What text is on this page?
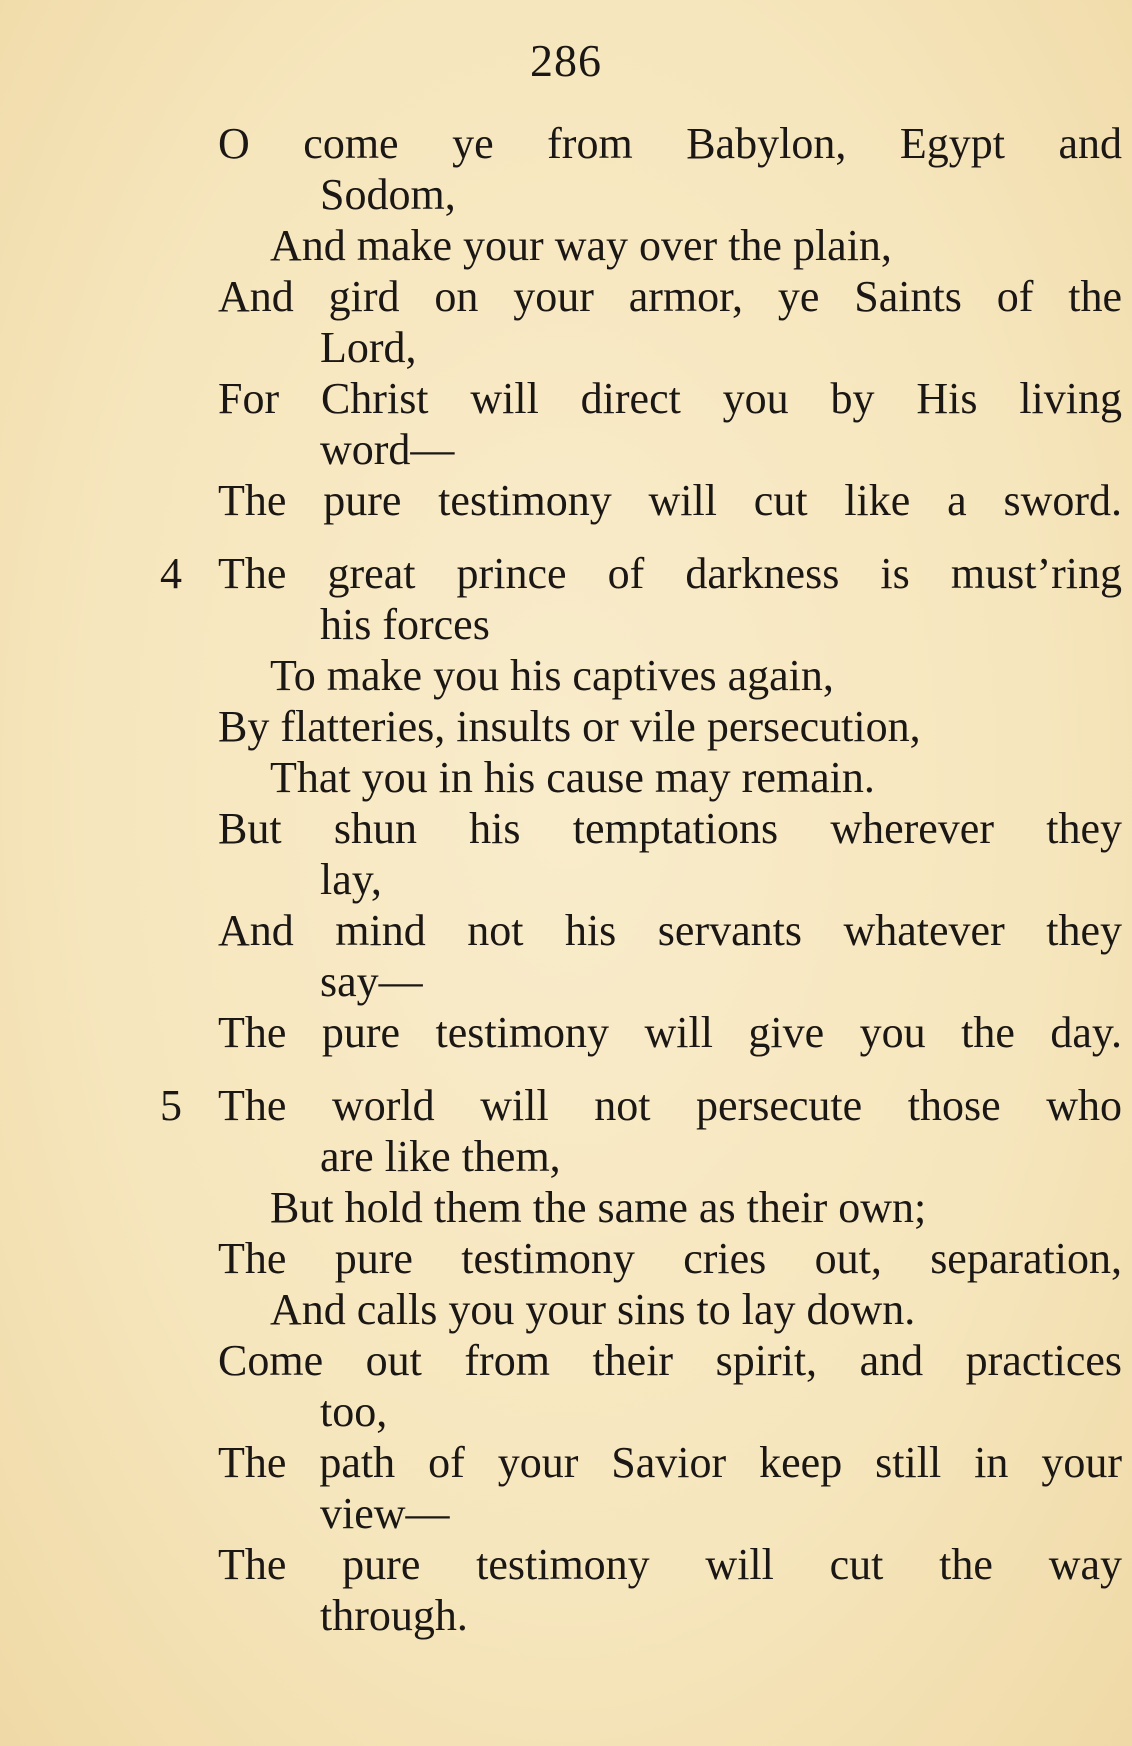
286
O come ye from Babylon, Egypt and
Sodom,
And make your way over the plain,
And gird on your armor, ye Saints of the
Lord,
For Christ will direct you by His living
word—
The pure testimony will cut like a sword.
4 The great prince of darkness is must’ring
his forces
To make you his captives again,
By flatteries, insults or vile persecution,
That you in his cause may remain.
But shun his temptations wherever they
lay,
And mind not his servants whatever they
say—
The pure testimony will give you the day.
5 The world will not persecute those who
are like them,
But hold them the same as their own;
The pure testimony cries out, separation,
And calls you your sins to lay down.
Come out from their spirit, and practices
too,
The path of your Savior keep still in your
view—
The pure testimony will cut the way
through.
